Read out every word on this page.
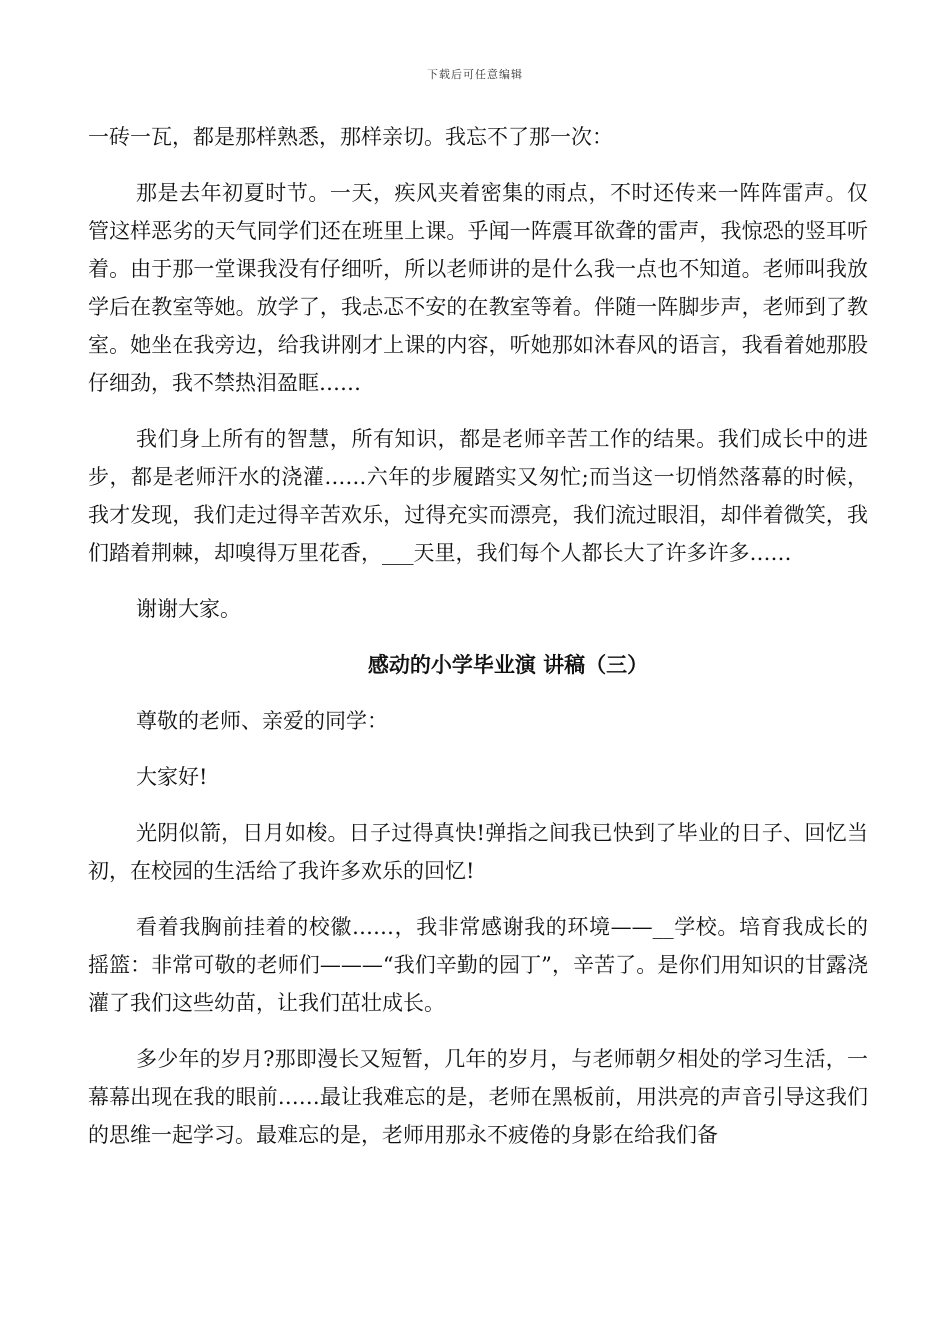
下载后可任意编辑

一砖一瓦，都是那样熟悉，那样亲切。我忘不了那一次：

那是去年初夏时节。一天，疾风夹着密集的雨点，不时还传来一阵阵雷声。仅管这样恶劣的天气同学们还在班里上课。乎闻一阵震耳欲聋的雷声，我惊恐的竖耳听着。由于那一堂课我没有仔细听，所以老师讲的是什么我一点也不知道。老师叫我放学后在教室等她。放学了，我忐忑不安的在教室等着。伴随一阵脚步声，老师到了教室。她坐在我旁边，给我讲刚才上课的内容，听她那如沐春风的语言，我看着她那股仔细劲，我不禁热泪盈眶……

我们身上所有的智慧，所有知识，都是老师辛苦工作的结果。我们成长中的进步，都是老师汗水的浇灌……六年的步履踏实又匆忙;而当这一切悄然落幕的时候，我才发现，我们走过得辛苦欢乐，过得充实而漂亮，我们流过眼泪，却伴着微笑，我们踏着荆棘，却嗅得万里花香，___天里，我们每个人都长大了许多许多……

谢谢大家。

感动的小学毕业演 讲稿（三）

尊敬的老师、亲爱的同学：

大家好!

光阴似箭，日月如梭。日子过得真快!弹指之间我已快到了毕业的日子、回忆当初，在校园的生活给了我许多欢乐的回忆!

看着我胸前挂着的校徽……，我非常感谢我的环境——__学校。培育我成长的摇篮：非常可敬的老师们———“我们辛勤的园丁”，辛苦了。是你们用知识的甘露浇灌了我们这些幼苗，让我们茁壮成长。

多少年的岁月?那即漫长又短暂，几年的岁月，与老师朝夕相处的学习生活，一幕幕出现在我的眼前……最让我难忘的是，老师在黑板前，用洪亮的声音引导这我们的思维一起学习。最难忘的是，老师用那永不疲倦的身影在给我们备
